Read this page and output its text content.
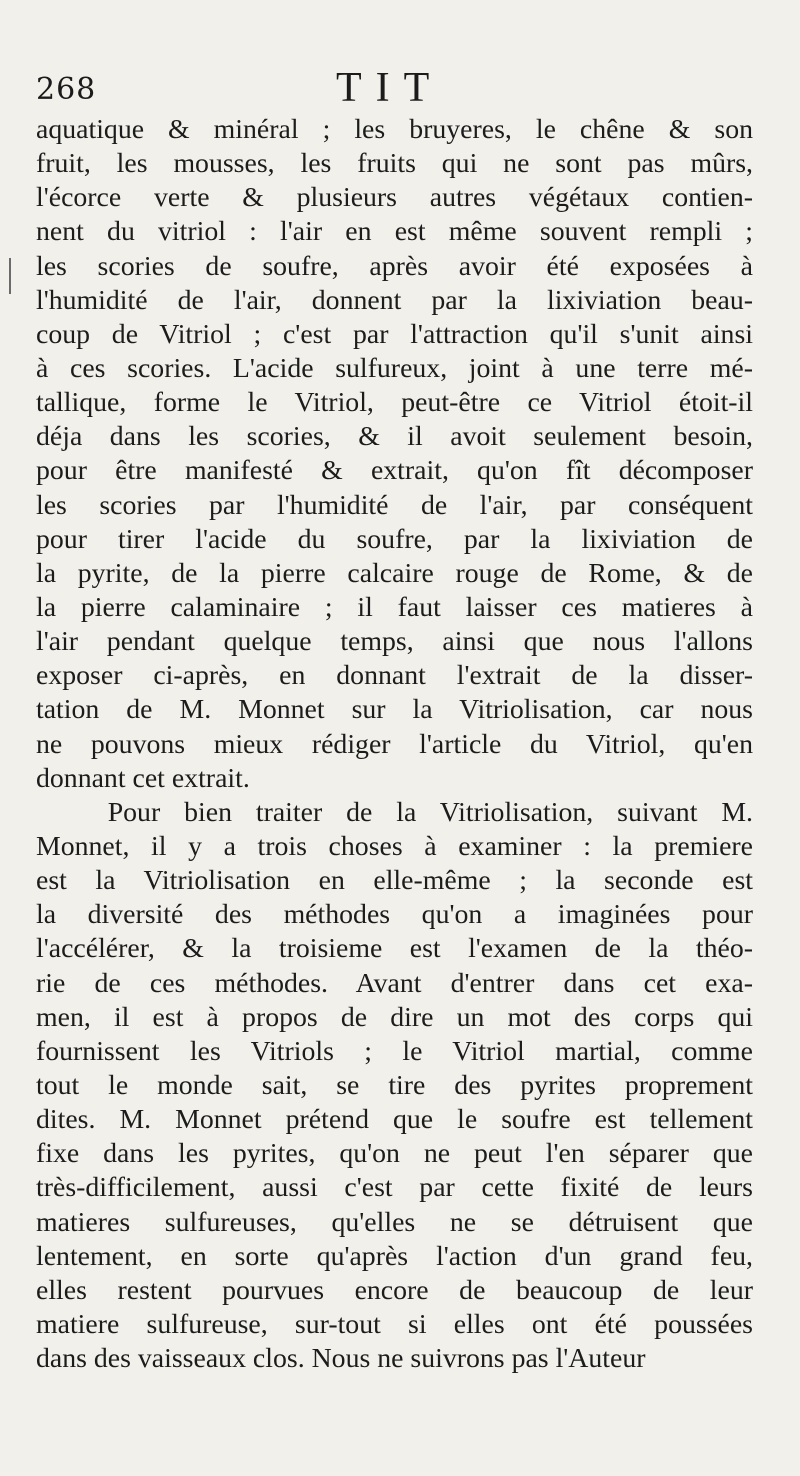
268	TIT
aquatique & minéral ; les bruyeres, le chêne & son
fruit, les mousses, les fruits qui ne sont pas mûrs,
l'écorce verte & plusieurs autres végétaux contien-
nent du vitriol : l'air en est même souvent rempli ;
les scories de soufre, après avoir été exposées à
l'humidité de l'air, donnent par la lixiviation beau-
coup de Vitriol ; c'est par l'attraction qu'il s'unit ainsi
à ces scories. L'acide sulfureux, joint à une terre mé-
tallique, forme le Vitriol, peut-être ce Vitriol étoit-il
déja dans les scories, & il avoit seulement besoin,
pour être manifesté & extrait, qu'on fît décomposer
les scories par l'humidité de l'air, par conséquent
pour tirer l'acide du soufre, par la lixiviation de
la pyrite, de la pierre calcaire rouge de Rome, & de
la pierre calaminaire ; il faut laisser ces matieres à
l'air pendant quelque temps, ainsi que nous l'allons
exposer ci-après, en donnant l'extrait de la disser-
tation de M. Monnet sur la Vitriolisation, car nous
ne pouvons mieux rédiger l'article du Vitriol, qu'en
donnant cet extrait.
Pour bien traiter de la Vitriolisation, suivant M.
Monnet, il y a trois choses à examiner : la premiere
est la Vitriolisation en elle-même ; la seconde est
la diversité des méthodes qu'on a imaginées pour
l'accélérer, & la troisieme est l'examen de la théo-
rie de ces méthodes. Avant d'entrer dans cet exa-
men, il est à propos de dire un mot des corps qui
fournissent les Vitriols ; le Vitriol martial, comme
tout le monde sait, se tire des pyrites proprement
dites. M. Monnet prétend que le soufre est tellement
fixe dans les pyrites, qu'on ne peut l'en séparer que
très-difficilement, aussi c'est par cette fixité de leurs
matieres sulfureuses, qu'elles ne se détruisent que
lentement, en sorte qu'après l'action d'un grand feu,
elles restent pourvues encore de beaucoup de leur
matiere sulfureuse, sur-tout si elles ont été poussées
dans des vaisseaux clos. Nous ne suivrons pas l'Auteur
